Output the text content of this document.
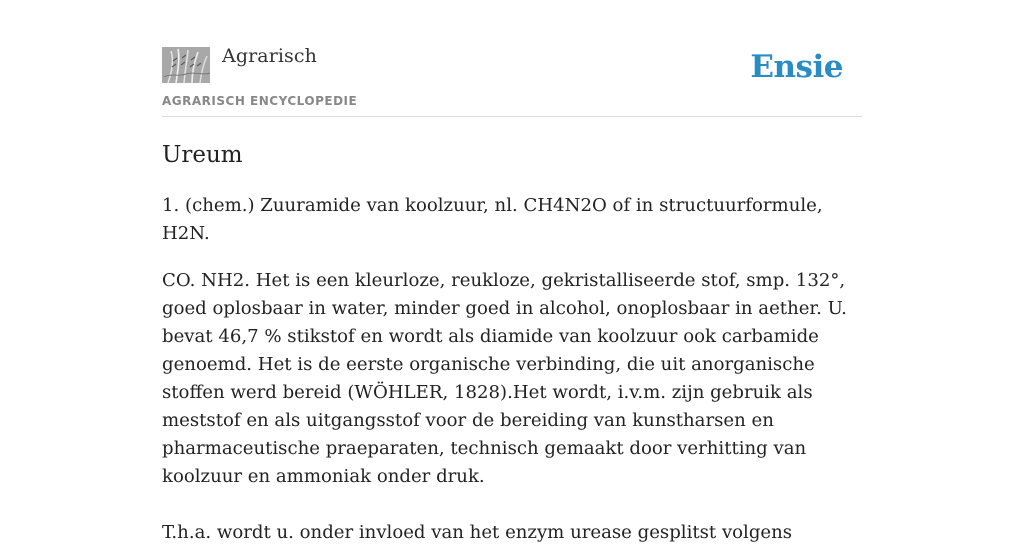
Agrarisch
AGRARISCH ENCYCLOPEDIE
Ensie
Ureum

1. (chem.) Zuuramide van koolzuur, nl. CH4N2O of in structuurformule, H2N.

CO. NH2. Het is een kleurloze, reukloze, gekristalliseerde stof, smp. 132°, goed oplosbaar in water, minder goed in alcohol, onoplosbaar in aether. U. bevat 46,7 % stikstof en wordt als diamide van koolzuur ook carbamide genoemd. Het is de eerste organische verbinding, die uit anorganische stoffen werd bereid (WÖHLER, 1828).Het wordt, i.v.m. zijn gebruik als meststof en als uitgangsstof voor de bereiding van kunstharsen en pharmaceutische praeparaten, technisch gemaakt door verhitting van koolzuur en ammoniak onder druk.

T.h.a. wordt u. onder invloed van het enzym urease gesplitst volgens
